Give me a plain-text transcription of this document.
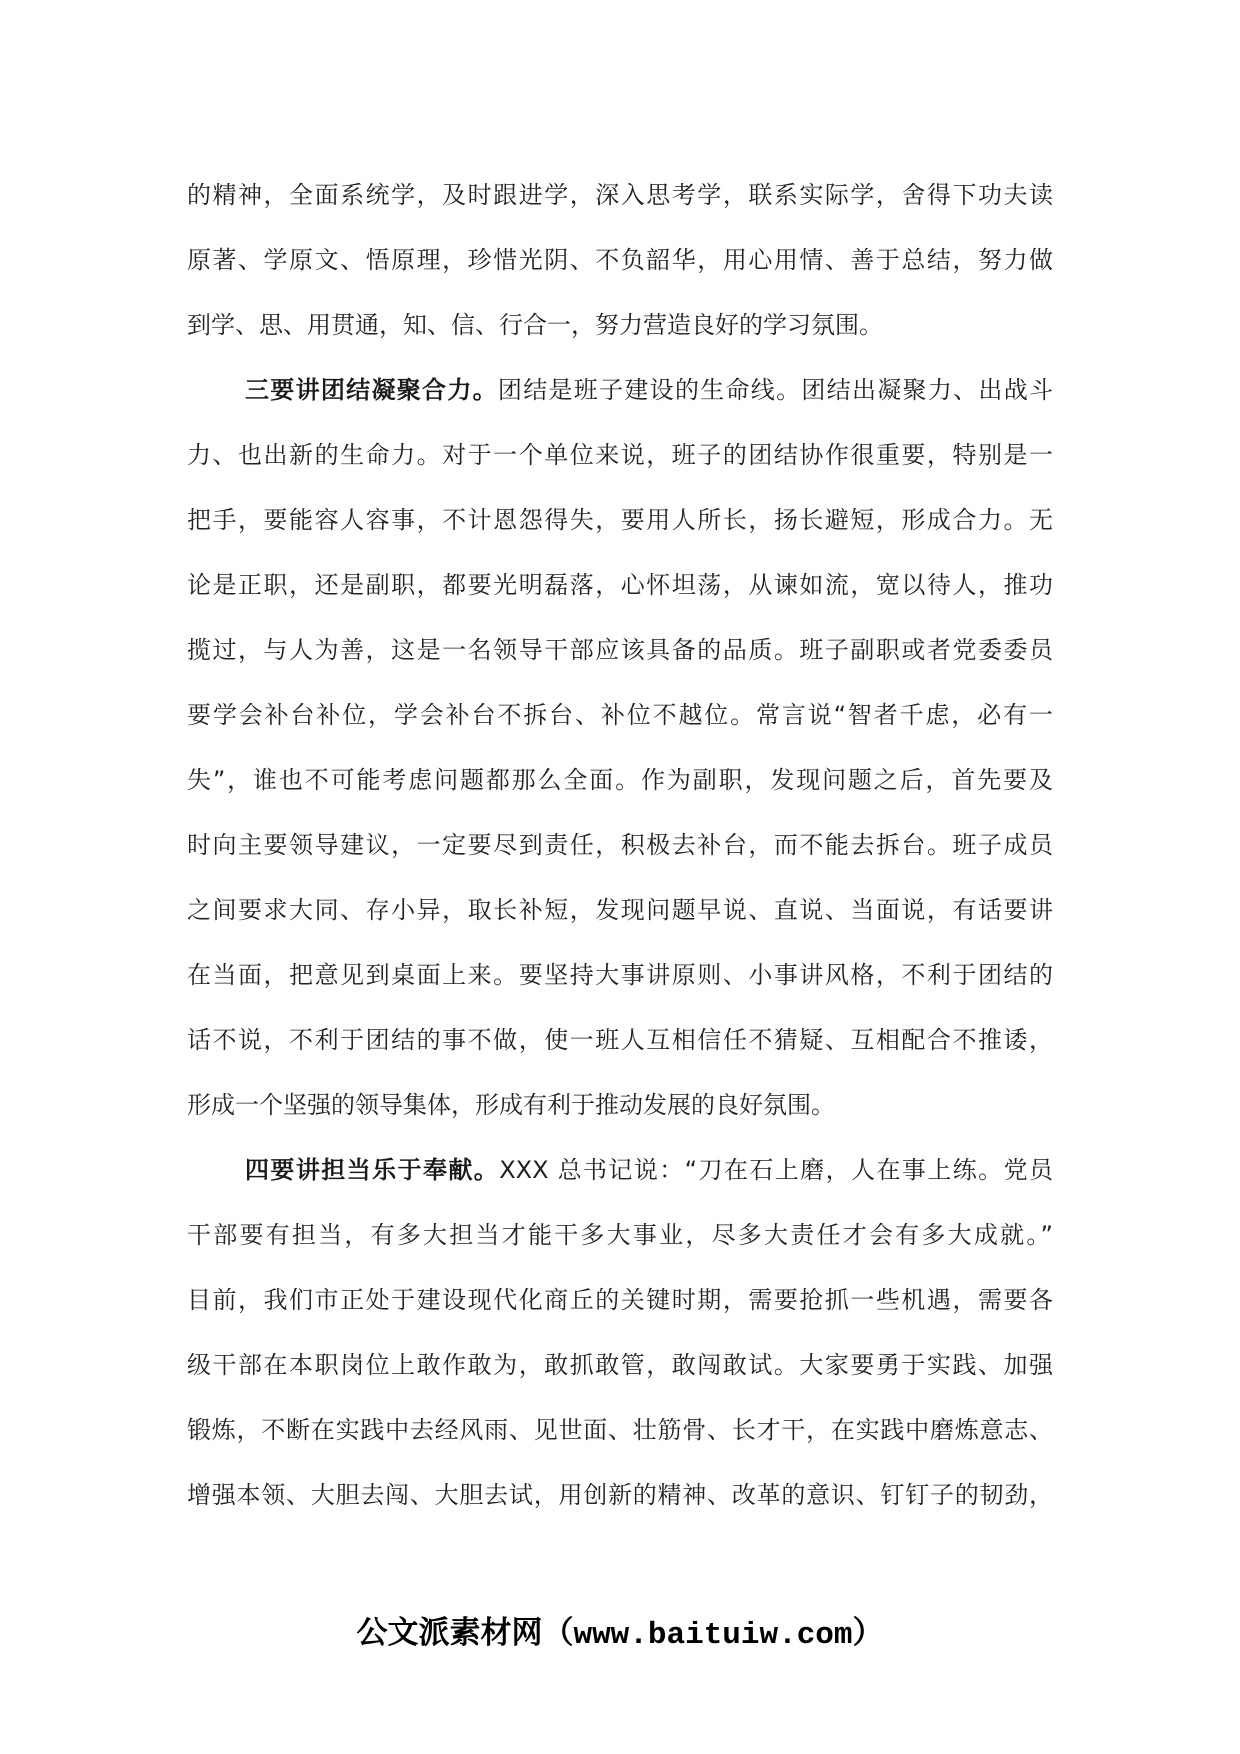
的精神，全面系统学，及时跟进学，深入思考学，联系实际学，舍得下功夫读
原著、学原文、悟原理，珍惜光阴、不负韶华，用心用情、善于总结，努力做
到学、思、用贯通，知、信、行合一，努力营造良好的学习氛围。
三要讲团结凝聚合力。团结是班子建设的生命线。团结出凝聚力、出战斗
力、也出新的生命力。对于一个单位来说，班子的团结协作很重要，特别是一
把手，要能容人容事，不计恩怨得失，要用人所长，扬长避短，形成合力。无
论是正职，还是副职，都要光明磊落，心怀坦荡，从谏如流，宽以待人，推功
揽过，与人为善，这是一名领导干部应该具备的品质。班子副职或者党委委员
要学会补台补位，学会补台不拆台、补位不越位。常言说“智者千虑，必有一
失”，谁也不可能考虑问题都那么全面。作为副职，发现问题之后，首先要及
时向主要领导建议，一定要尽到责任，积极去补台，而不能去拆台。班子成员
之间要求大同、存小异，取长补短，发现问题早说、直说、当面说，有话要讲
在当面，把意见到桌面上来。要坚持大事讲原则、小事讲风格，不利于团结的
话不说，不利于团结的事不做，使一班人互相信任不猜疑、互相配合不推诿，
形成一个坚强的领导集体，形成有利于推动发展的良好氛围。
四要讲担当乐于奉献。XXX 总书记说：“刀在石上磨，人在事上练。党员
干部要有担当，有多大担当才能干多大事业，尽多大责任才会有多大成就。”
目前，我们市正处于建设现代化商丘的关键时期，需要抢抓一些机遇，需要各
级干部在本职岗位上敢作敢为，敢抓敢管，敢闯敢试。大家要勇于实践、加强
锻炼，不断在实践中去经风雨、见世面、壮筋骨、长才干，在实践中磨炼意志、
增强本领、大胆去闯、大胆去试，用创新的精神、改革的意识、钉钉子的韧劲，
公文派素材网（www.baituiw.com）
